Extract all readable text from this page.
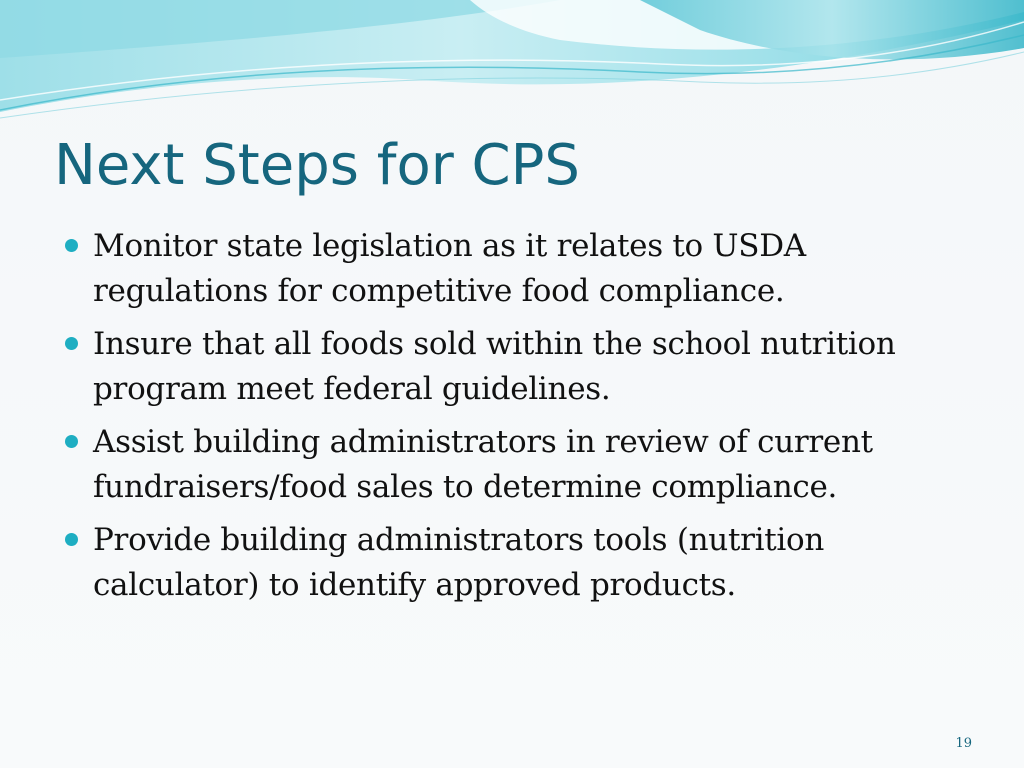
Next Steps for CPS
Monitor state legislation as it relates to USDA regulations for competitive food compliance.
Insure that all foods sold within the school nutrition program meet federal guidelines.
Assist building administrators in review of current fundraisers/food sales to determine compliance.
Provide building administrators tools (nutrition calculator) to identify approved products.
19
